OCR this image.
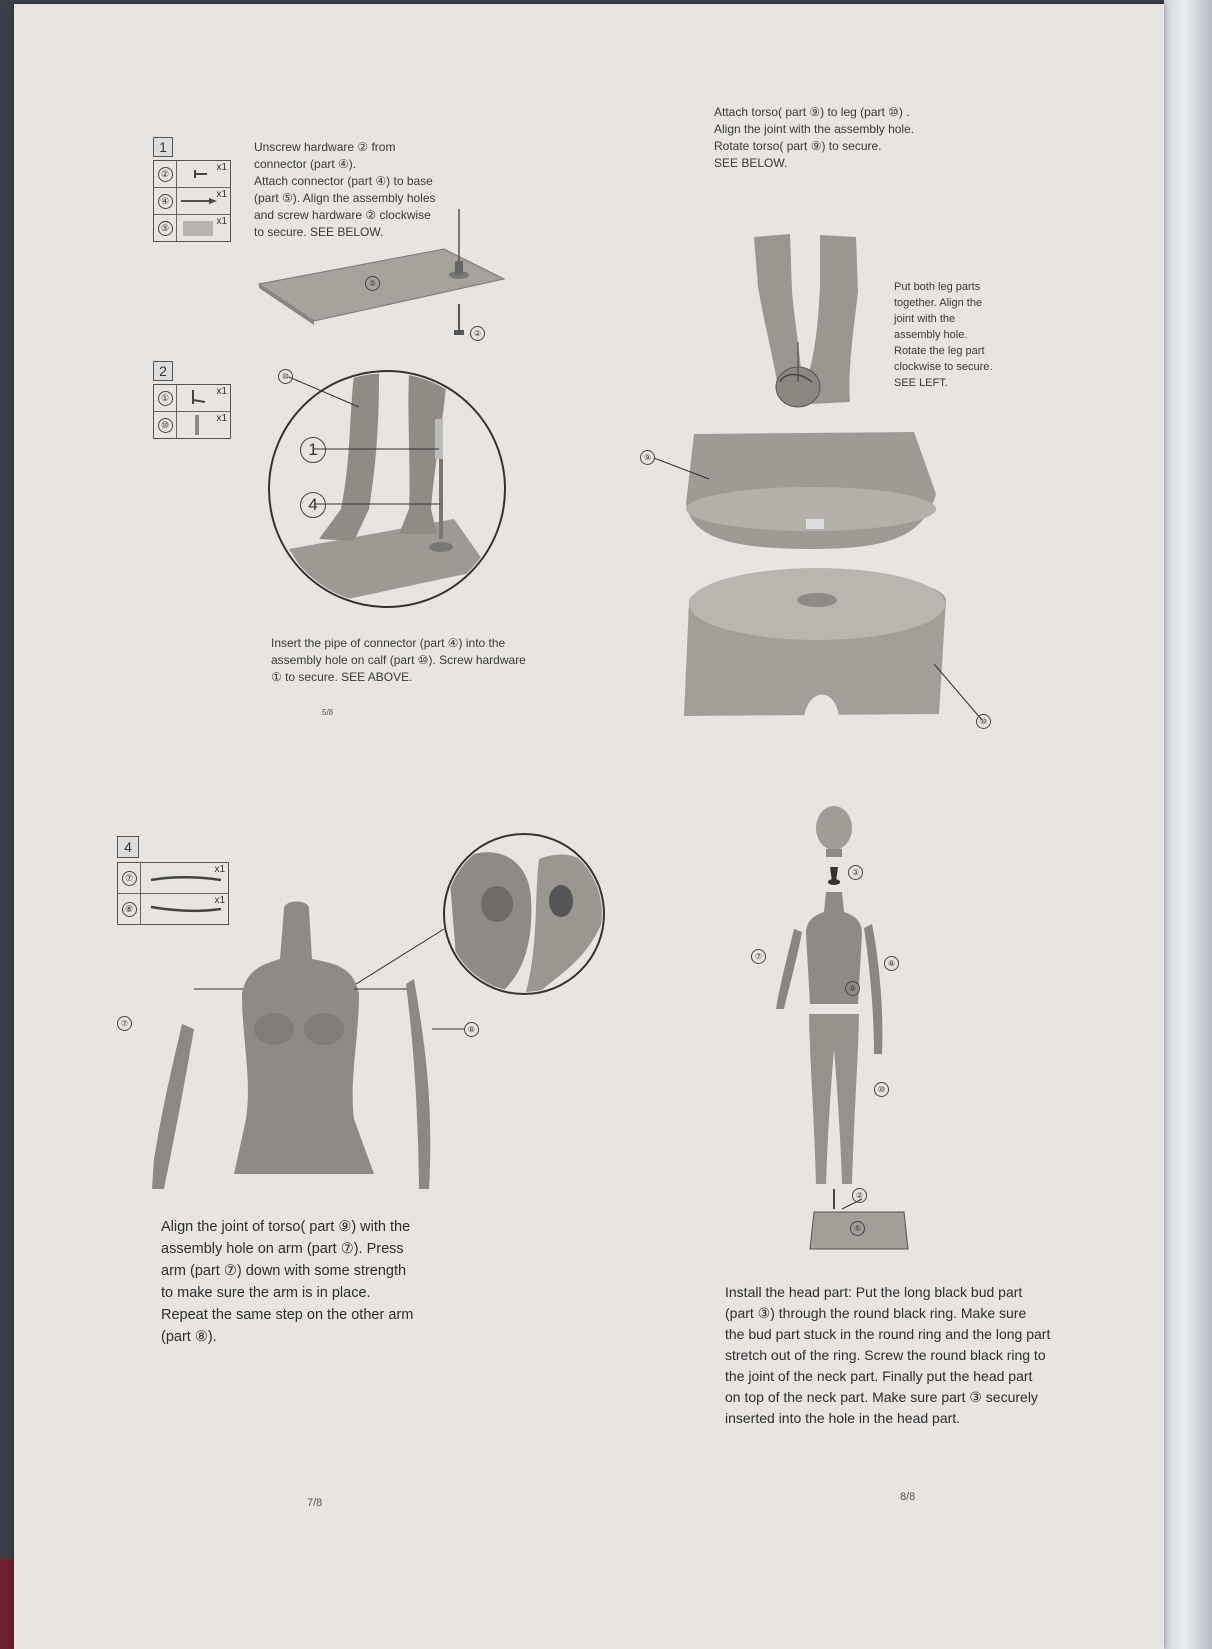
1
②
x1
④
x1
⑤
x1
Unscrew hardware ② from
connector (part ④).
Attach connector (part ④) to base
(part ⑤). Align the assembly holes
and screw hardware ② clockwise
to secure. SEE BELOW.
⑤
②
2
①
x1
⑩
x1
⑩
1
4
Insert the pipe of connector (part ④) into the
assembly hole on calf (part ⑩). Screw hardware
① to secure. SEE ABOVE.
5/8
Attach torso( part ⑨) to leg (part ⑩) .
Align the joint with the assembly hole.
Rotate torso( part ⑨) to secure.
SEE BELOW.
Put both leg parts
together. Align the
joint with the
assembly hole.
Rotate the leg part
clockwise to secure.
SEE LEFT.
⑨
⑩
4
⑦
x1
⑧
x1
⑦
⑧
Align the joint of torso( part ⑨) with the
assembly hole on arm (part ⑦). Press
arm (part ⑦) down with some strength
to make sure the arm is in place.
Repeat the same step on the other arm
(part ⑧).
7/8
③
⑦
⑧
⑨
⑩
②
⑤
Install the head part: Put the long black bud part
(part ③) through the round black ring. Make sure
the bud part stuck in the round ring and the long part
stretch out of the ring. Screw the round black ring to
the joint of the neck part. Finally put the head part
on top of the neck part. Make sure part ③ securely
inserted into the hole in the head part.
8/8
